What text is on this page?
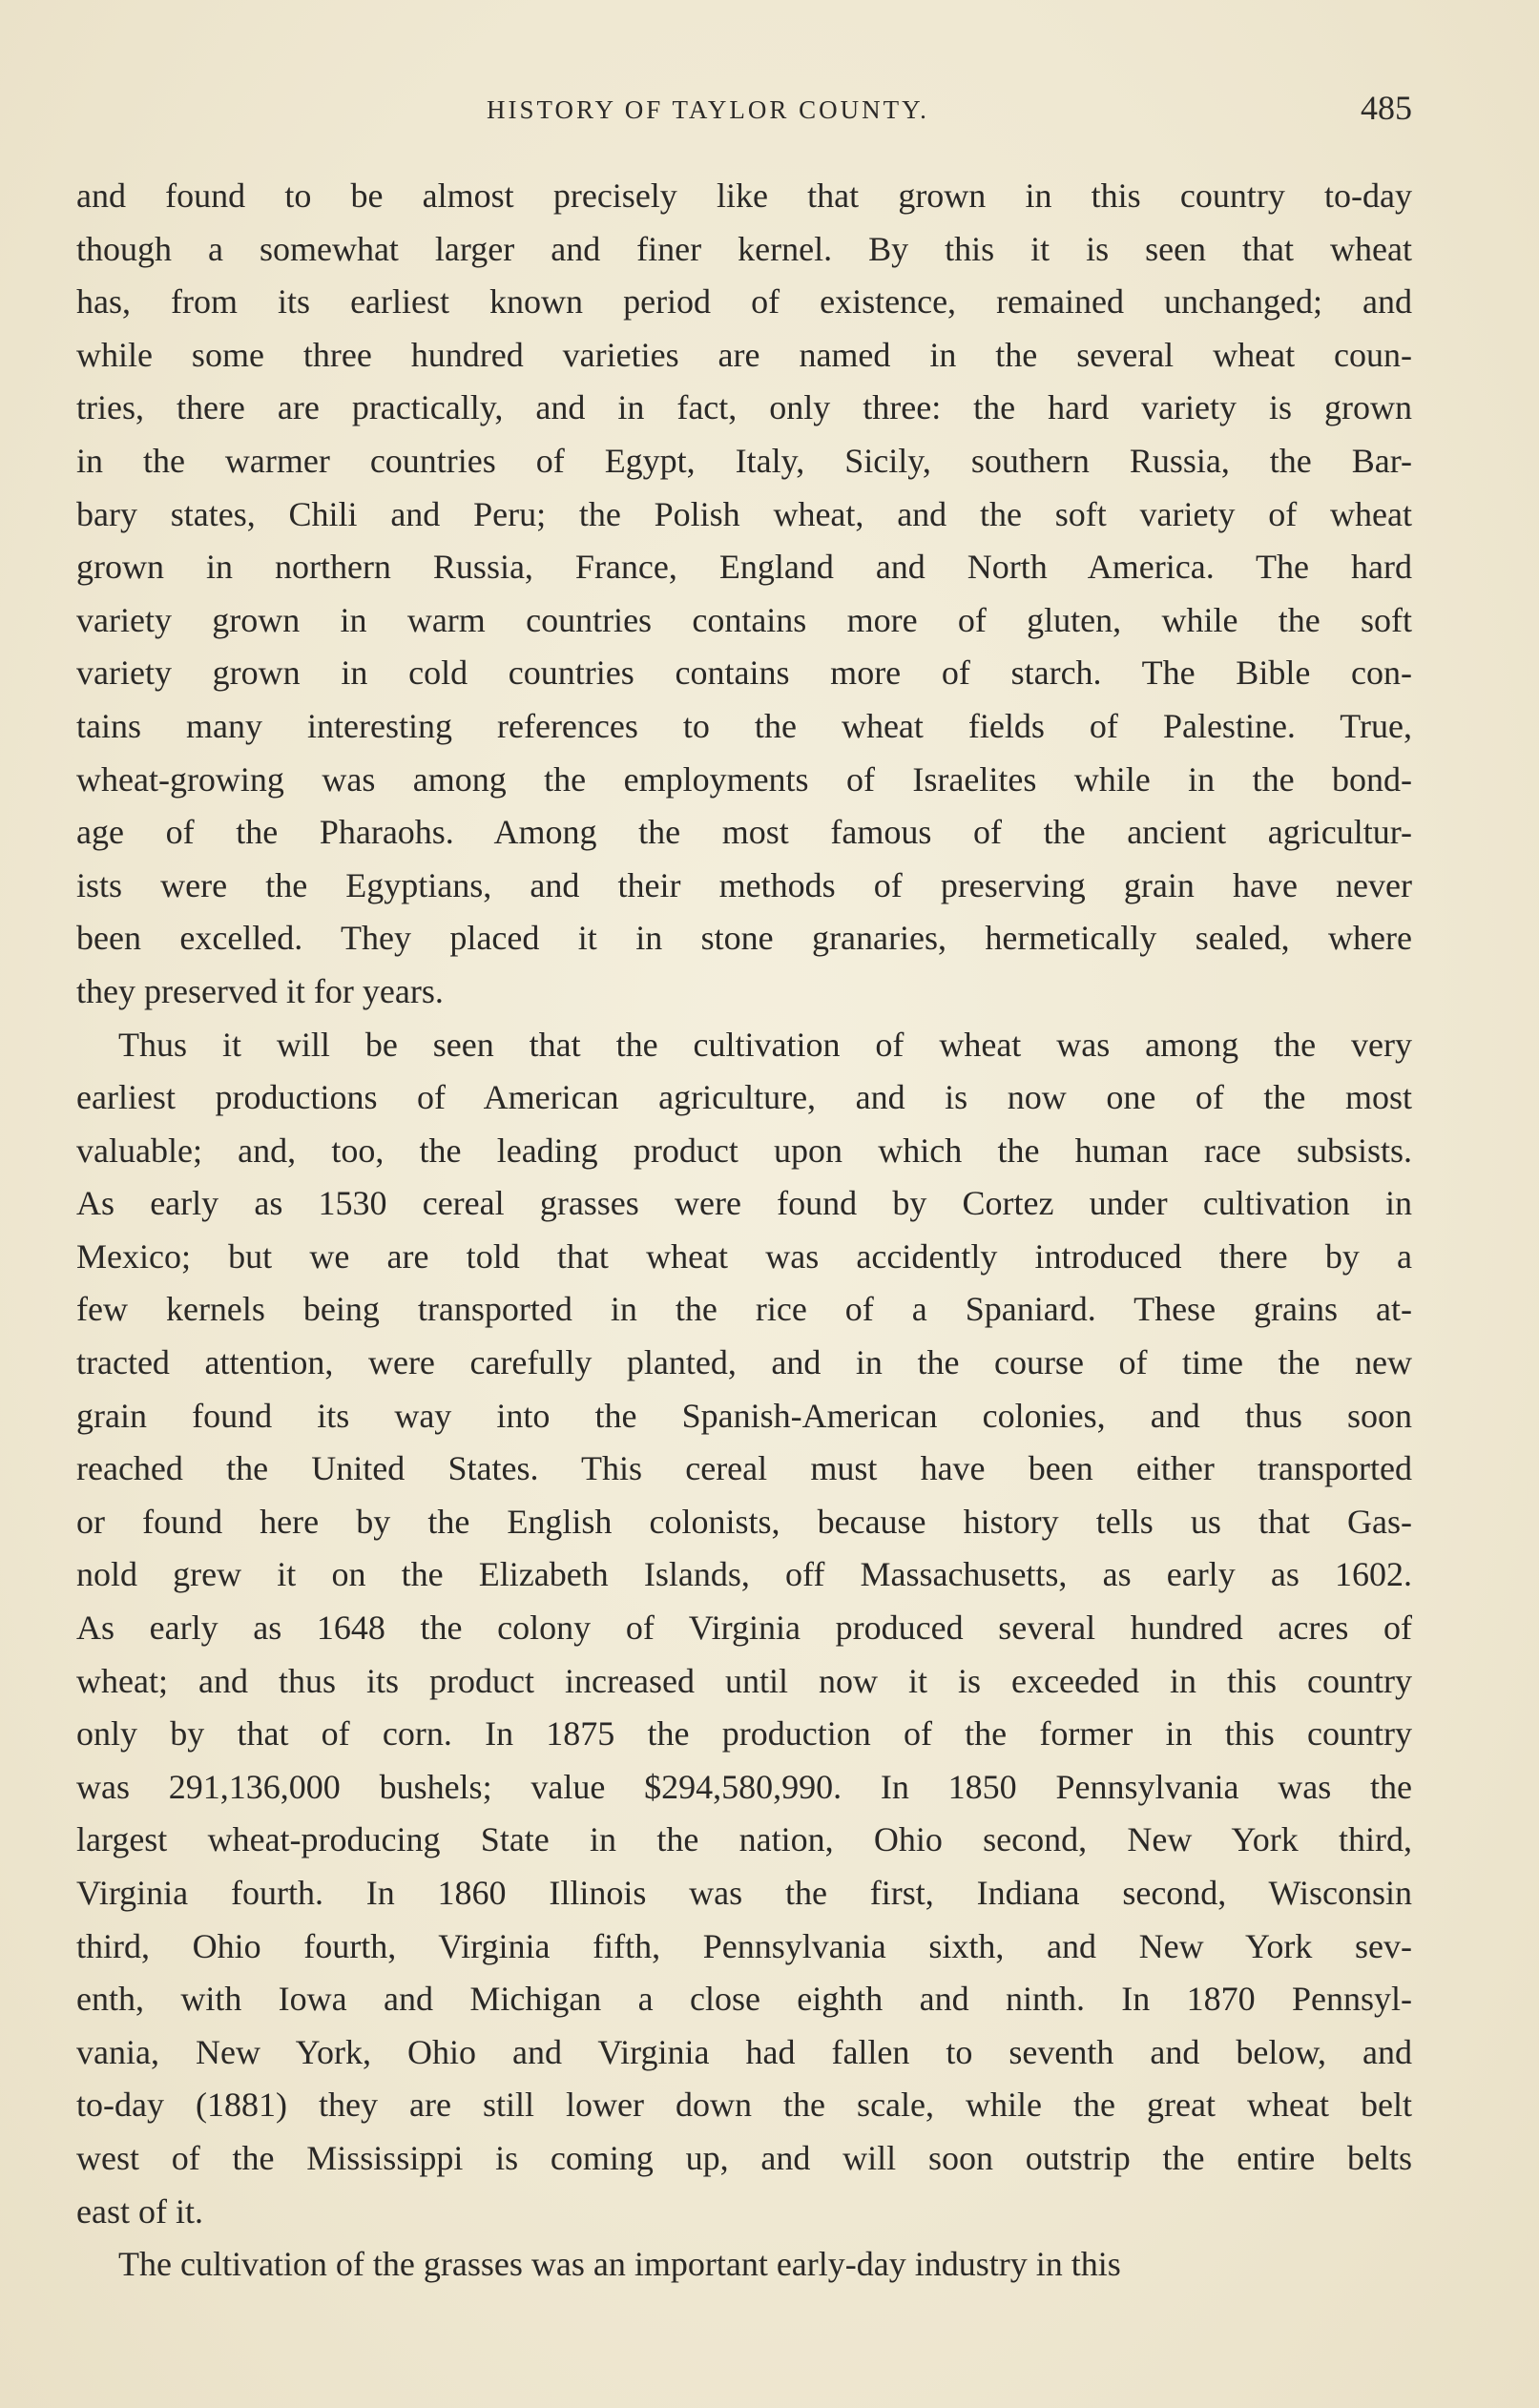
HISTORY OF TAYLOR COUNTY.	485
and found to be almost precisely like that grown in this country to-day
though a somewhat larger and finer kernel. By this it is seen that wheat
has, from its earliest known period of existence, remained unchanged; and
while some three hundred varieties are named in the several wheat coun-
tries, there are practically, and in fact, only three: the hard variety is grown
in the warmer countries of Egypt, Italy, Sicily, southern Russia, the Bar-
bary states, Chili and Peru; the Polish wheat, and the soft variety of wheat
grown in northern Russia, France, England and North America. The hard
variety grown in warm countries contains more of gluten, while the soft
variety grown in cold countries contains more of starch. The Bible con-
tains many interesting references to the wheat fields of Palestine. True,
wheat-growing was among the employments of Israelites while in the bond-
age of the Pharaohs. Among the most famous of the ancient agricultur-
ists were the Egyptians, and their methods of preserving grain have never
been excelled. They placed it in stone granaries, hermetically sealed, where
they preserved it for years.
Thus it will be seen that the cultivation of wheat was among the very
earliest productions of American agriculture, and is now one of the most
valuable; and, too, the leading product upon which the human race subsists.
As early as 1530 cereal grasses were found by Cortez under cultivation in
Mexico; but we are told that wheat was accidently introduced there by a
few kernels being transported in the rice of a Spaniard. These grains at-
tracted attention, were carefully planted, and in the course of time the new
grain found its way into the Spanish-American colonies, and thus soon
reached the United States. This cereal must have been either transported
or found here by the English colonists, because history tells us that Gas-
nold grew it on the Elizabeth Islands, off Massachusetts, as early as 1602.
As early as 1648 the colony of Virginia produced several hundred acres of
wheat; and thus its product increased until now it is exceeded in this country
only by that of corn. In 1875 the production of the former in this country
was 291,136,000 bushels; value $294,580,990. In 1850 Pennsylvania was the
largest wheat-producing State in the nation, Ohio second, New York third,
Virginia fourth. In 1860 Illinois was the first, Indiana second, Wisconsin
third, Ohio fourth, Virginia fifth, Pennsylvania sixth, and New York sev-
enth, with Iowa and Michigan a close eighth and ninth. In 1870 Pennsyl-
vania, New York, Ohio and Virginia had fallen to seventh and below, and
to-day (1881) they are still lower down the scale, while the great wheat belt
west of the Mississippi is coming up, and will soon outstrip the entire belts
east of it.
The cultivation of the grasses was an important early-day industry in this
